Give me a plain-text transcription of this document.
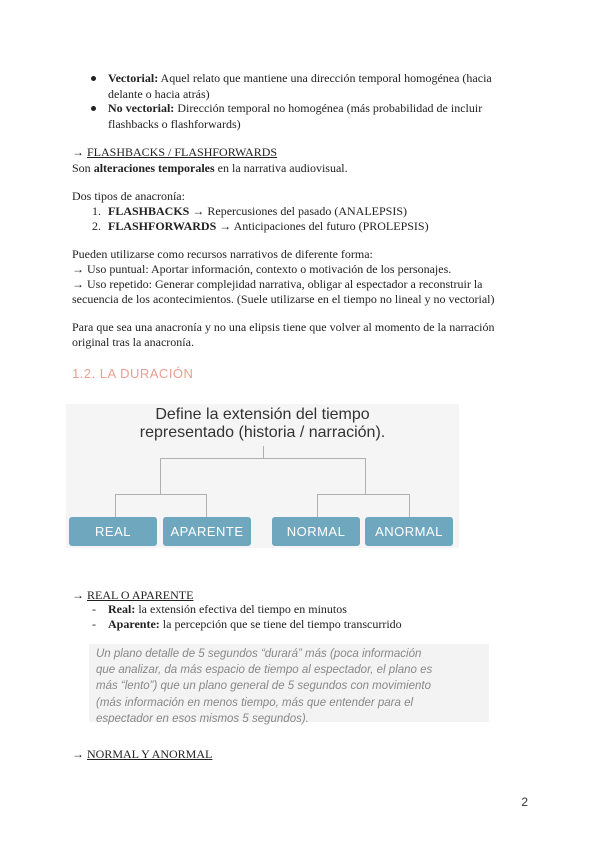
Vectorial: Aquel relato que mantiene una dirección temporal homogénea (hacia
delante o hacia atrás)
No vectorial: Dirección temporal no homogénea (más probabilidad de incluir
flashbacks o flashforwards)
→ FLASHBACKS / FLASHFORWARDS
Son alteraciones temporales en la narrativa audiovisual.
Dos tipos de anacronía:
1. FLASHBACKS → Repercusiones del pasado (ANALEPSIS)
2. FLASHFORWARDS → Anticipaciones del futuro (PROLEPSIS)
Pueden utilizarse como recursos narrativos de diferente forma:
→ Uso puntual: Aportar información, contexto o motivación de los personajes.
→ Uso repetido: Generar complejidad narrativa, obligar al espectador a reconstruir la
secuencia de los acontecimientos. (Suele utilizarse en el tiempo no lineal y no vectorial)
Para que sea una anacronía y no una elipsis tiene que volver al momento de la narración
original tras la anacronía.
1.2. LA DURACIÓN
Define la extensión del tiempo
representado (historia / narración).
REAL	APARENTE	NORMAL	ANORMAL
→ REAL O APARENTE
- Real: la extensión efectiva del tiempo en minutos
- Aparente: la percepción que se tiene del tiempo transcurrido
Un plano detalle de 5 segundos “durará” más (poca información
que analizar, da más espacio de tiempo al espectador, el plano es
más “lento”) que un plano general de 5 segundos con movimiento
(más información en menos tiempo, más que entender para el
espectador en esos mismos 5 segundos).
→ NORMAL Y ANORMAL
2
